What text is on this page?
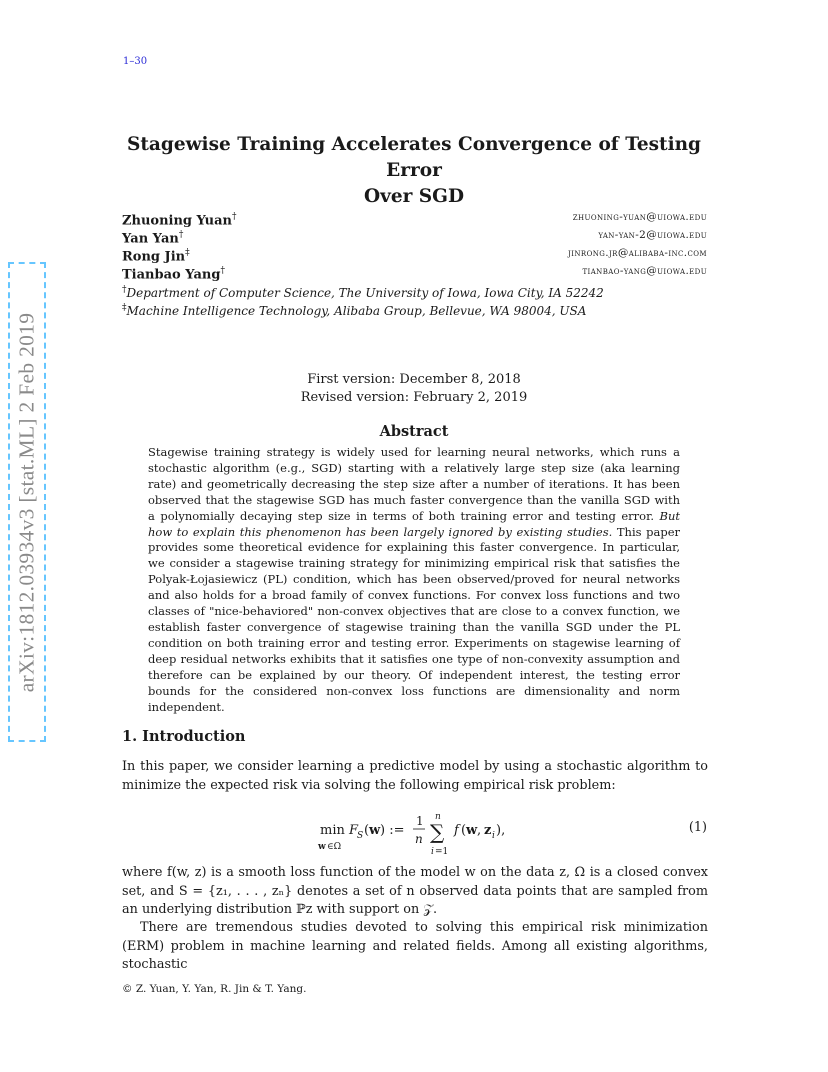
arXiv:1812.03934v3 [stat.ML] 2 Feb 2019
1–30
Stagewise Training Accelerates Convergence of Testing Error
Over SGD
Zhuoning Yuan†	zhuoning-yuan@uiowa.edu
Yan Yan†	yan-yan-2@uiowa.edu
Rong Jin‡	jinrong.jr@alibaba-inc.com
Tianbao Yang†	tianbao-yang@uiowa.edu
†Department of Computer Science, The University of Iowa, Iowa City, IA 52242
‡Machine Intelligence Technology, Alibaba Group, Bellevue, WA 98004, USA
First version: December 8, 2018
Revised version: February 2, 2019
Abstract
Stagewise training strategy is widely used for learning neural networks, which runs a stochastic algorithm (e.g., SGD) starting with a relatively large step size (aka learning rate) and geometrically decreasing the step size after a number of iterations. It has been observed that the stagewise SGD has much faster convergence than the vanilla SGD with a polynomially decaying step size in terms of both training error and testing error. But how to explain this phenomenon has been largely ignored by existing studies. This paper provides some theoretical evidence for explaining this faster convergence. In particular, we consider a stagewise training strategy for minimizing empirical risk that satisfies the Polyak-Łojasiewicz (PL) condition, which has been observed/proved for neural networks and also holds for a broad family of convex functions. For convex loss functions and two classes of "nice-behaviored" non-convex objectives that are close to a convex function, we establish faster convergence of stagewise training than the vanilla SGD under the PL condition on both training error and testing error. Experiments on stagewise learning of deep residual networks exhibits that it satisfies one type of non-convexity assumption and therefore can be explained by our theory. Of independent interest, the testing error bounds for the considered non-convex loss functions are dimensionality and norm independent.
1. Introduction
In this paper, we consider learning a predictive model by using a stochastic algorithm to minimize the expected risk via solving the following empirical risk problem:
min
w ∈Ω
F
S ( w ) :=
1
n
n
∑
i =1
f ( w , z i ),	(1)
where f(w, z) is a smooth loss function of the model w on the data z, Ω is a closed convex set, and S = {z₁, . . . , zₙ} denotes a set of n observed data points that are sampled from an underlying distribution ℙz with support on 𝒵.
There are tremendous studies devoted to solving this empirical risk minimization (ERM) problem in machine learning and related fields. Among all existing algorithms, stochastic
© Z. Yuan, Y. Yan, R. Jin & T. Yang.
